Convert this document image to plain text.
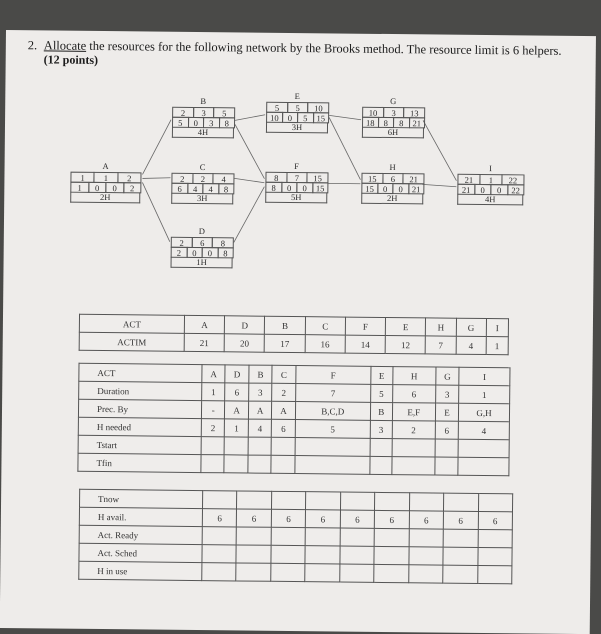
2. Allocate the resources for the following network by the Brooks method. The resource limit is 6 helpers.
(12 points)
A
1	1	2
1	0	0	2
2H
B
2	3	5
5	0	3	8
4H
C
2	2	4
6	4	4	8
3H
D
2	6	8
2	0	0	8
1H
E
5	5	10
10	0	5	15
3H
F
8	7	15
8	0	0	15
5H
G
10	3	13
18	8	8	21
6H
H
15	6	21
15	0	0	21
2H
I
21	1	22
21	0	0	22
4H
ACT	A	D	B	C	F	E	H	G	I
ACTIM	21	20	17	16	14	12	7	4	1
ACT	A	D	B	C	F	E	H	G	I
Duration	1	6	3	2	7	5	6	3	1
Prec. By	-	A	A	A	B,C,D	B	E,F	E	G,H
H needed	2	1	4	6	5	3	2	6	4
Tstart									
Tfin									
Tnow									
H avail.	6	6	6	6	6	6	6	6	6
Act. Ready									
Act. Sched									
H in use									
